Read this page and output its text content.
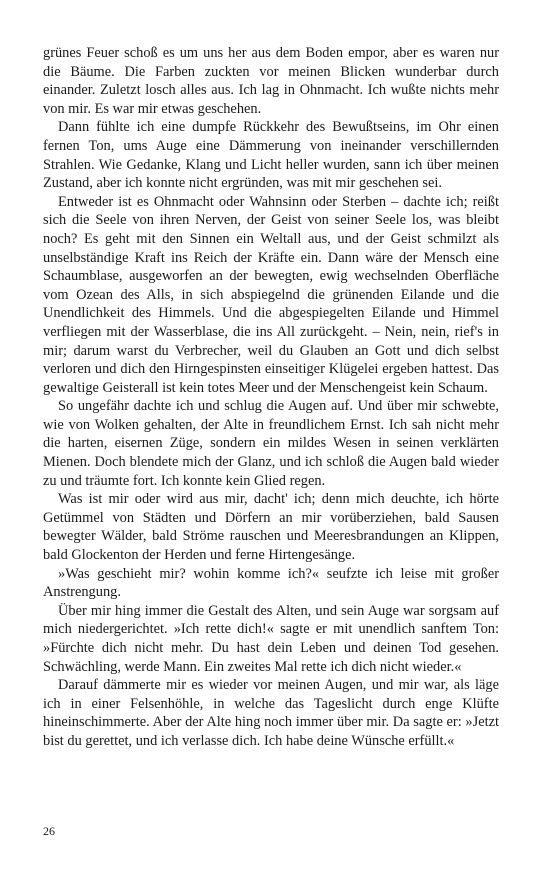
grünes Feuer schoß es um uns her aus dem Boden empor, aber es waren nur die Bäume. Die Farben zuckten vor meinen Blicken wunderbar durch einander. Zuletzt losch alles aus. Ich lag in Ohnmacht. Ich wußte nichts mehr von mir. Es war mir etwas geschehen.

Dann fühlte ich eine dumpfe Rückkehr des Bewußtseins, im Ohr einen fernen Ton, ums Auge eine Dämmerung von ineinander verschillernden Strahlen. Wie Gedanke, Klang und Licht heller wurden, sann ich über meinen Zustand, aber ich konnte nicht ergründen, was mit mir geschehen sei.

Entweder ist es Ohnmacht oder Wahnsinn oder Sterben – dachte ich; reißt sich die Seele von ihren Nerven, der Geist von seiner Seele los, was bleibt noch? Es geht mit den Sinnen ein Weltall aus, und der Geist schmilzt als unselbständige Kraft ins Reich der Kräfte ein. Dann wäre der Mensch eine Schaumblase, ausgeworfen an der bewegten, ewig wechselnden Oberfläche vom Ozean des Alls, in sich abspiegelnd die grünenden Eilande und die Unendlichkeit des Himmels. Und die abgespiegelten Eilande und Himmel verfliegen mit der Wasserblase, die ins All zurückgeht. – Nein, nein, rief's in mir; darum warst du Verbrecher, weil du Glauben an Gott und dich selbst verloren und dich den Hirngespinsten einseitiger Klügelei ergeben hattest. Das gewaltige Geisterall ist kein totes Meer und der Menschengeist kein Schaum.

So ungefähr dachte ich und schlug die Augen auf. Und über mir schwebte, wie von Wolken gehalten, der Alte in freundlichem Ernst. Ich sah nicht mehr die harten, eisernen Züge, sondern ein mildes Wesen in seinen verklärten Mienen. Doch blendete mich der Glanz, und ich schloß die Augen bald wieder zu und träumte fort. Ich konnte kein Glied regen.

Was ist mir oder wird aus mir, dacht' ich; denn mich deuchte, ich hörte Getümmel von Städten und Dörfern an mir vorüberziehen, bald Sausen bewegter Wälder, bald Ströme rauschen und Meeresbrandungen an Klippen, bald Glockenton der Herden und ferne Hirtengesänge.

»Was geschieht mir? wohin komme ich?« seufzte ich leise mit großer Anstrengung.

Über mir hing immer die Gestalt des Alten, und sein Auge war sorgsam auf mich niedergerichtet. »Ich rette dich!« sagte er mit unendlich sanftem Ton: »Fürchte dich nicht mehr. Du hast dein Leben und deinen Tod gesehen. Schwächling, werde Mann. Ein zweites Mal rette ich dich nicht wieder.«

Darauf dämmerte mir es wieder vor meinen Augen, und mir war, als läge ich in einer Felsenhöhle, in welche das Tageslicht durch enge Klüfte hineinschimmerte. Aber der Alte hing noch immer über mir. Da sagte er: »Jetzt bist du gerettet, und ich verlasse dich. Ich habe deine Wünsche erfüllt.«

26
